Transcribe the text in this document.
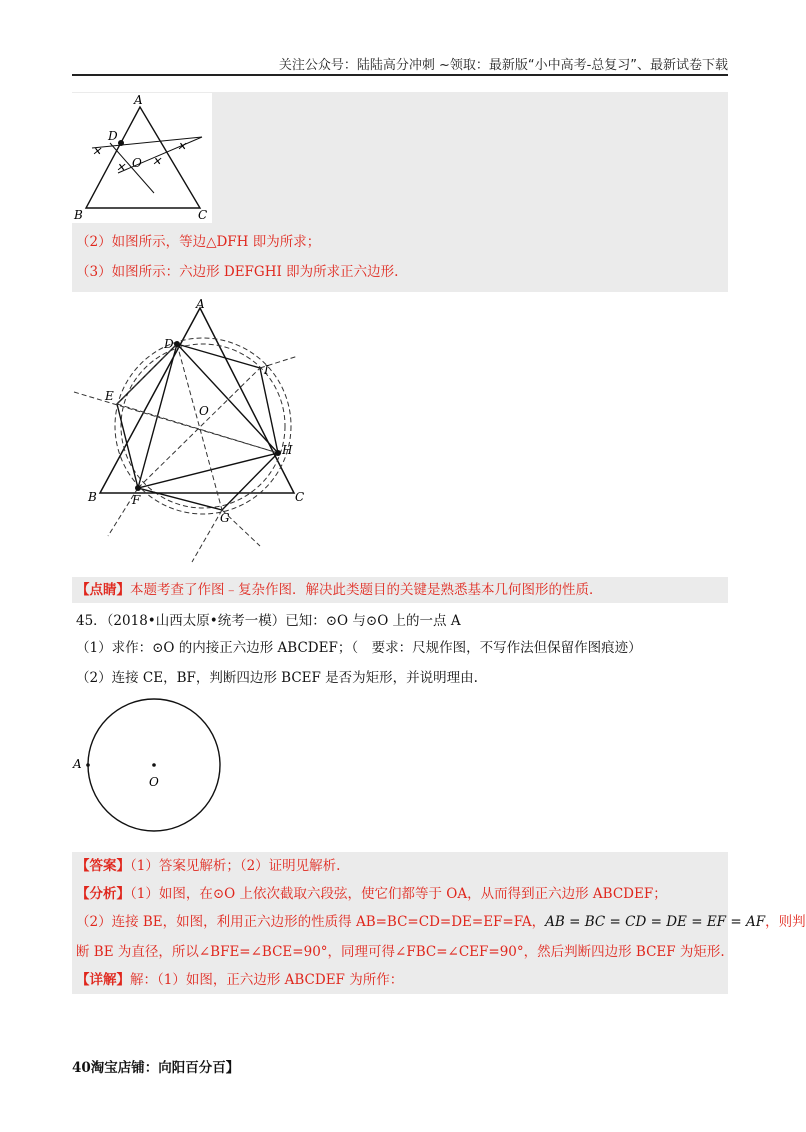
关注公众号：陆陆高分冲刺 ~领取：最新版“小中高考-总复习”、最新试卷下载
A
B	C
D
O
✕	✕
✕ ✕
（2）如图所示，等边△DFH 即为所求；
（3）如图所示：六边形 DEFGHI 即为所求正六边形.
A
B	C
D
E
F
G
H
I
O
【点睛】本题考查了作图﹣复杂作图．解决此类题目的关键是熟悉基本几何图形的性质．
45．（2018•山西太原•统考一模）已知：⊙O 与⊙O 上的一点 A
（1）求作：⊙O 的内接正六边形 ABCDEF；（　要求：尺规作图，不写作法但保留作图痕迹）
（2）连接 CE，BF，判断四边形 BCEF 是否为矩形，并说明理由.
A
O
【答案】（1）答案见解析；（2）证明见解析.
【分析】（1）如图，在⊙O 上依次截取六段弦，使它们都等于 OA，从而得到正六边形 ABCDEF；
（2）连接 BE，如图，利用正六边形的性质得 AB=BC=CD=DE=EF=FA，AB = BC = CD = DE = EF = AF，则判
断 BE 为直径，所以∠BFE=∠BCE=90°，同理可得∠FBC=∠CEF=90°，然后判断四边形 BCEF 为矩形.
【详解】解：（1）如图，正六边形 ABCDEF 为所作：
40淘宝店铺：向阳百分百】
